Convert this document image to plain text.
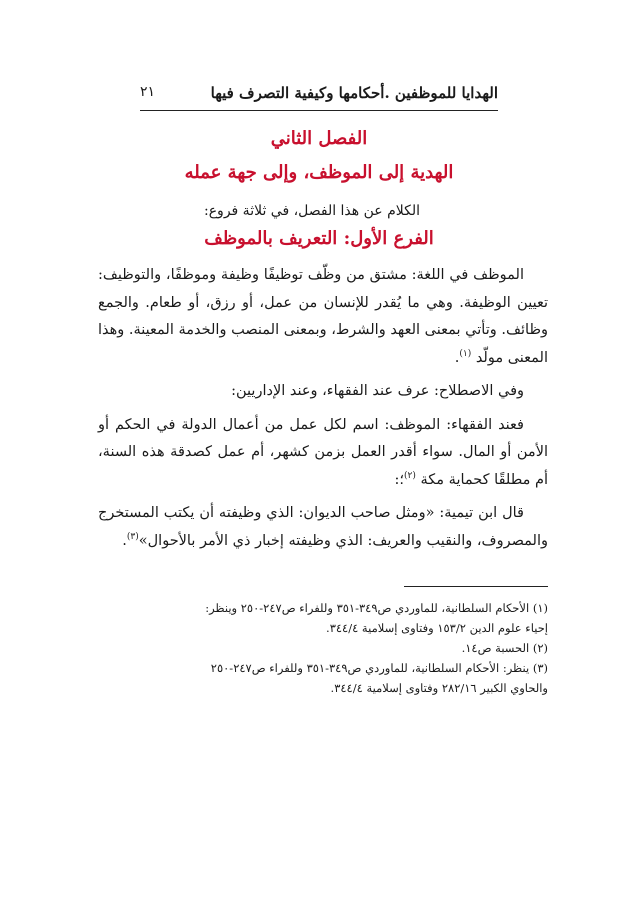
الهدايا للموظفين .أحكامها وكيفية التصرف فيها
٢١
الفصل الثاني
الهدية إلى الموظف، وإلى جهة عمله
الكلام عن هذا الفصل، في ثلاثة فروع:
الفرع الأول: التعريف بالموظف

الموظف في اللغة: مشتق من وظّف توظيفًا وظيفة وموظفًا، والتوظيف: تعيين الوظيفة. وهي ما يُقدر للإنسان من عمل، أو رزق، أو طعام. والجمع وظائف. وتأتي بمعنى العهد والشرط، وبمعنى المنصب والخدمة المعينة. وهذا المعنى مولّد $^{(١)}$.

وفي الاصطلاح: عرف عند الفقهاء، وعند الإداريين:

فعند الفقهاء: الموظف: اسم لكل عمل من أعمال الدولة في الحكم أو الأمن أو المال. سواء أقدر العمل بزمن كشهر، أم عمل كصدقة هذه السنة، أم مطلقًا كحماية مكة $^{(٢)}$؛:

قال ابن تيمية: «ومثل صاحب الديوان: الذي وظيفته أن يكتب المستخرج والمصروف، والنقيب والعريف: الذي وظيفته إخبار ذي الأمر بالأحوال»$^{(٣)}$.

(١) الأحكام السلطانية، للماوردي ص٣٤٩-٣٥١ وللفراء ص٢٤٧-٢٥٠ وينظر:

إحياء علوم الدين ١٥٣/٢ وفتاوى إسلامية ٣٤٤/٤.

(٢) الحسبة ص١٤.

(٣) ينظر: الأحكام السلطانية، للماوردي ص٣٤٩-٣٥١ وللفراء ص٢٤٧-٢٥٠

والحاوي الكبير ٢٨٢/١٦ وفتاوى إسلامية ٣٤٤/٤.
